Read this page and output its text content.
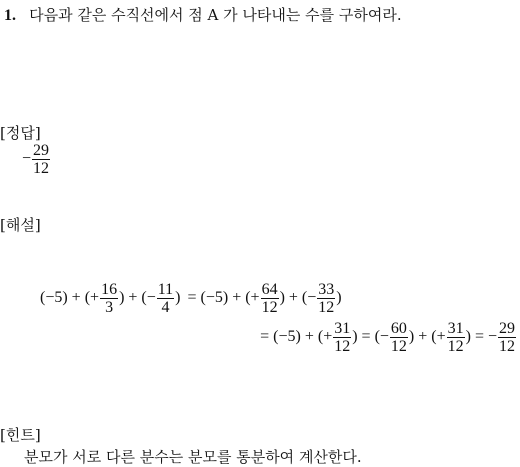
1. 다음과 같은 수직선에서 점 A 가 나타내는 수를 구하여라.
[정답]
− $\frac{29}{12}$
[해설]
(−5) + (+ $\frac{16}{3}$ ) + (− $\frac{11}{4}$ ) = (−5) + (+ $\frac{64}{12}$ ) + (− $\frac{33}{12}$ )
= (−5) + (+ $\frac{31}{12}$ ) = (− $\frac{60}{12}$ ) + (+ $\frac{31}{12}$ ) = − $\frac{29}{12}$
[힌트]
분모가 서로 다른 분수는 분모를 통분하여 계산한다.
